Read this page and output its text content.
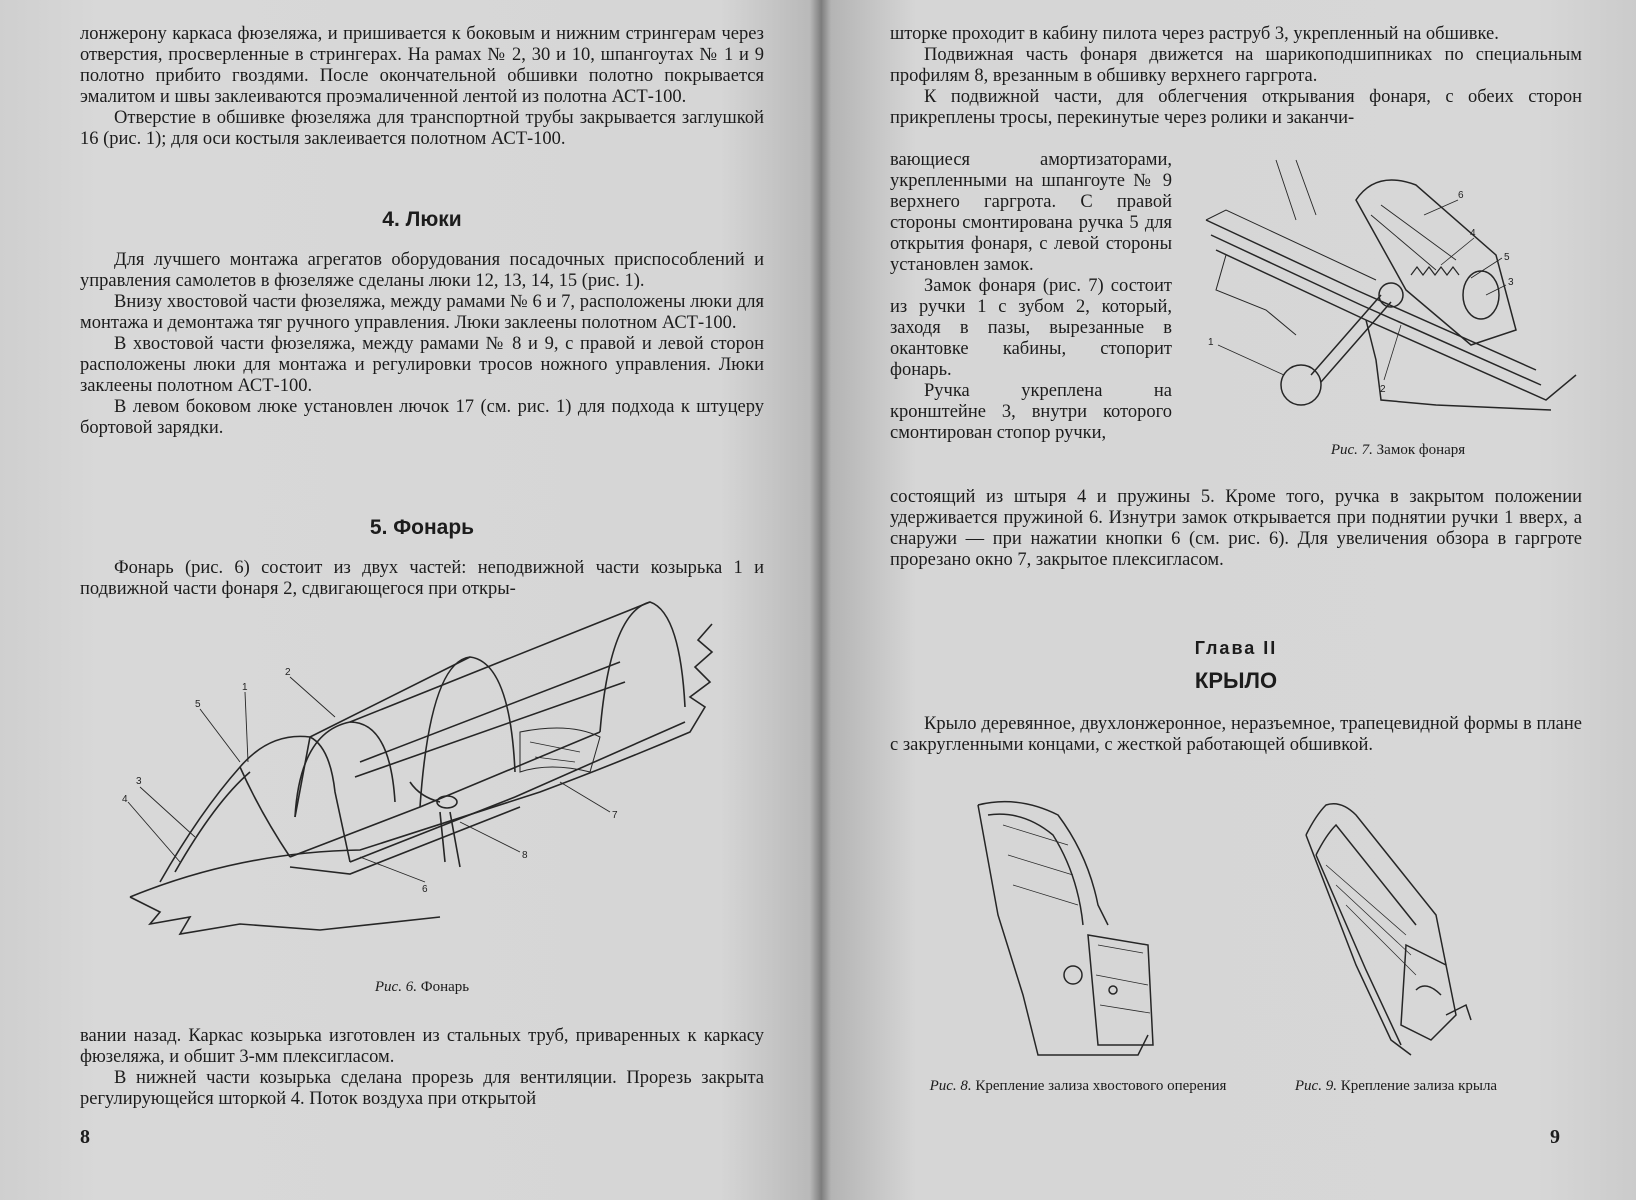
лонжерону каркаса фюзеляжа, и пришивается к боковым и нижним стрингерам через отверстия, просверленные в стрингерах. На рамах № 2, 30 и 10, шпангоутах № 1 и 9 полотно прибито гвоздями. После окончательной обшивки полотно покрывается эмалитом и швы заклеиваются проэмаличенной лентой из полотна АСТ-100.

Отверстие в обшивке фюзеляжа для транспортной трубы закрывается заглушкой 16 (рис. 1); для оси костыля заклеивается полотном АСТ-100.

4. Люки

Для лучшего монтажа агрегатов оборудования посадочных приспособлений и управления самолетов в фюзеляже сделаны люки 12, 13, 14, 15 (рис. 1).

Внизу хвостовой части фюзеляжа, между рамами № 6 и 7, расположены люки для монтажа и демонтажа тяг ручного управления. Люки заклеены полотном АСТ-100.

В хвостовой части фюзеляжа, между рамами № 8 и 9, с правой и левой сторон расположены люки для монтажа и регулировки тросов ножного управления. Люки заклеены полотном АСТ-100.

В левом боковом люке установлен лючок 17 (см. рис. 1) для подхода к штуцеру бортовой зарядки.

5. Фонарь

Фонарь (рис. 6) состоит из двух частей: неподвижной части козырька 1 и подвижной части фонаря 2, сдвигающегося при откры-

1
2
3
4
5
6
7
8
Рис. 6. Фонарь

вании назад. Каркас козырька изготовлен из стальных труб, приваренных к каркасу фюзеляжа, и обшит 3-мм плексигласом.

В нижней части козырька сделана прорезь для вентиляции. Прорезь закрыта регулирующейся шторкой 4. Поток воздуха при открытой

8

шторке проходит в кабину пилота через раструб 3, укрепленный на обшивке.

Подвижная часть фонаря движется на шарикоподшипниках по специальным профилям 8, врезанным в обшивку верхнего гаргрота.

К подвижной части, для облегчения открывания фонаря, с обеих сторон прикреплены тросы, перекинутые через ролики и заканчи-

вающиеся амортизаторами, укрепленными на шпангоуте № 9 верхнего гаргрота. С правой стороны смонтирована ручка 5 для открытия фонаря, с левой стороны установлен замок.

Замок фонаря (рис. 7) состоит из ручки 1 с зубом 2, который, заходя в пазы, вырезанные в окантовке кабины, стопорит фонарь.

Ручка укреплена на кронштейне 3, внутри которого смонтирован стопор ручки,

1
2
3
4
5
6
Рис. 7. Замок фонаря

состоящий из штыря 4 и пружины 5. Кроме того, ручка в закрытом положении удерживается пружиной 6. Изнутри замок открывается при поднятии ручки 1 вверх, а снаружи — при нажатии кнопки 6 (см. рис. 6). Для увеличения обзора в гаргроте прорезано окно 7, закрытое плексигласом.

Глава II
КРЫЛО

Крыло деревянное, двухлонжеронное, неразъемное, трапецевидной формы в плане с закругленными концами, с жесткой работающей обшивкой.

Рис. 8. Крепление зализа хвостового оперения	Рис. 9. Крепление зализа крыла
9
